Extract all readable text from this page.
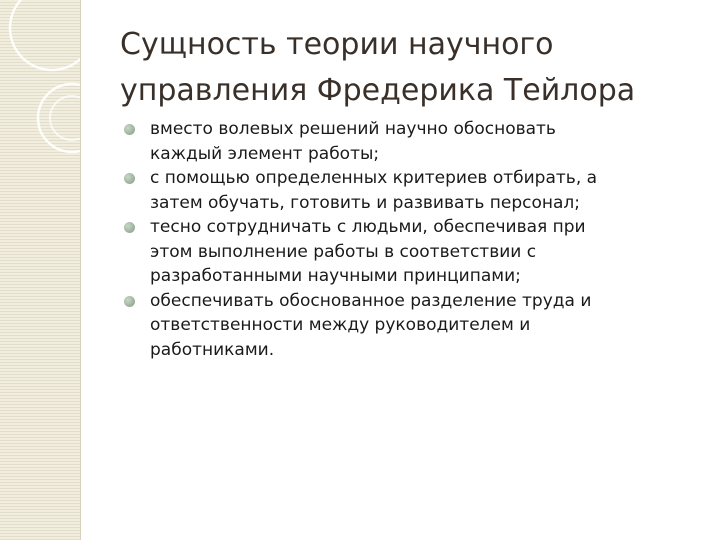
Сущность теории научного
управления Фредерика Тейлора
вместо волевых решений научно обосновать
каждый элемент работы;
с помощью определенных критериев отбирать, а
затем обучать, готовить и развивать персонал;
тесно сотрудничать с людьми, обеспечивая при
этом выполнение работы в соответствии с
разработанными научными принципами;
обеспечивать обоснованное разделение труда и
ответственности между руководителем и
работниками.
